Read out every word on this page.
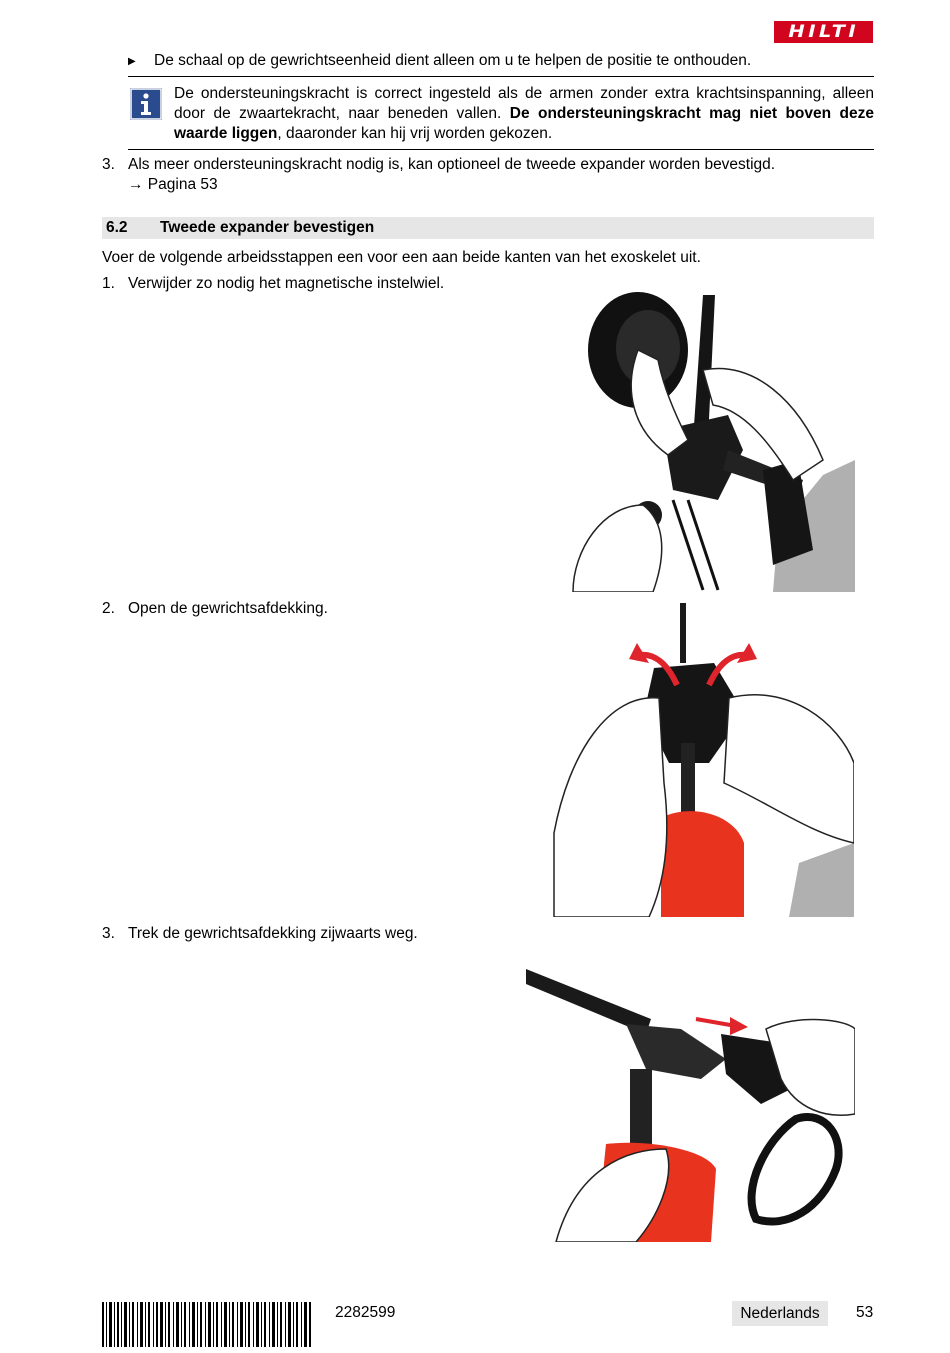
HILTI
▶ De schaal op de gewrichtseenheid dient alleen om u te helpen de positie te onthouden.
De ondersteuningskracht is correct ingesteld als de armen zonder extra krachtsinspanning, alleen door de zwaartekracht, naar beneden vallen. De ondersteuningskracht mag niet boven deze waarde liggen, daaronder kan hij vrij worden gekozen.
3. Als meer ondersteuningskracht nodig is, kan optioneel de tweede expander worden bevestigd.
→ Pagina 53
6.2 Tweede expander bevestigen
Voer de volgende arbeidsstappen een voor een aan beide kanten van het exoskelet uit.
1. Verwijder zo nodig het magnetische instelwiel.
2. Open de gewrichtsafdekking.
3. Trek de gewrichtsafdekking zijwaarts weg.
2282599	Nederlands	53
